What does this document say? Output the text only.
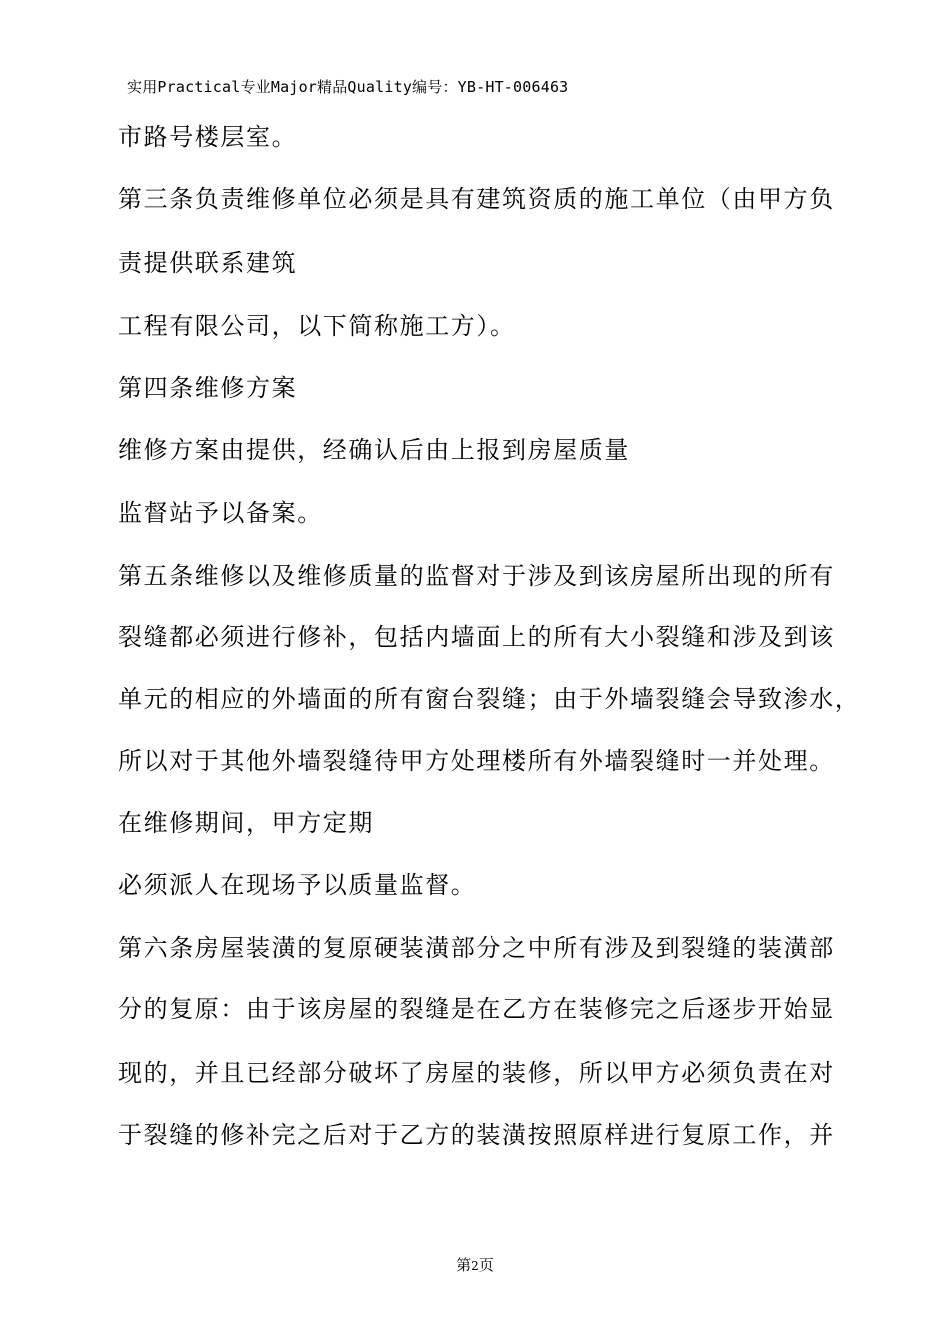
实用Practical专业Major精品Quality编号：YB-HT-006463
市路号楼层室。
第三条负责维修单位必须是具有建筑资质的施工单位（由甲方负
责提供联系建筑
工程有限公司，以下简称施工方）。
第四条维修方案
维修方案由提供，经确认后由上报到房屋质量
监督站予以备案。
第五条维修以及维修质量的监督对于涉及到该房屋所出现的所有
裂缝都必须进行修补，包括内墙面上的所有大小裂缝和涉及到该
单元的相应的外墙面的所有窗台裂缝；由于外墙裂缝会导致渗水，
所以对于其他外墙裂缝待甲方处理楼所有外墙裂缝时一并处理。
在维修期间，甲方定期
必须派人在现场予以质量监督。
第六条房屋装潢的复原硬装潢部分之中所有涉及到裂缝的装潢部
分的复原：由于该房屋的裂缝是在乙方在装修完之后逐步开始显
现的，并且已经部分破坏了房屋的装修，所以甲方必须负责在对
于裂缝的修补完之后对于乙方的装潢按照原样进行复原工作，并
第2页
